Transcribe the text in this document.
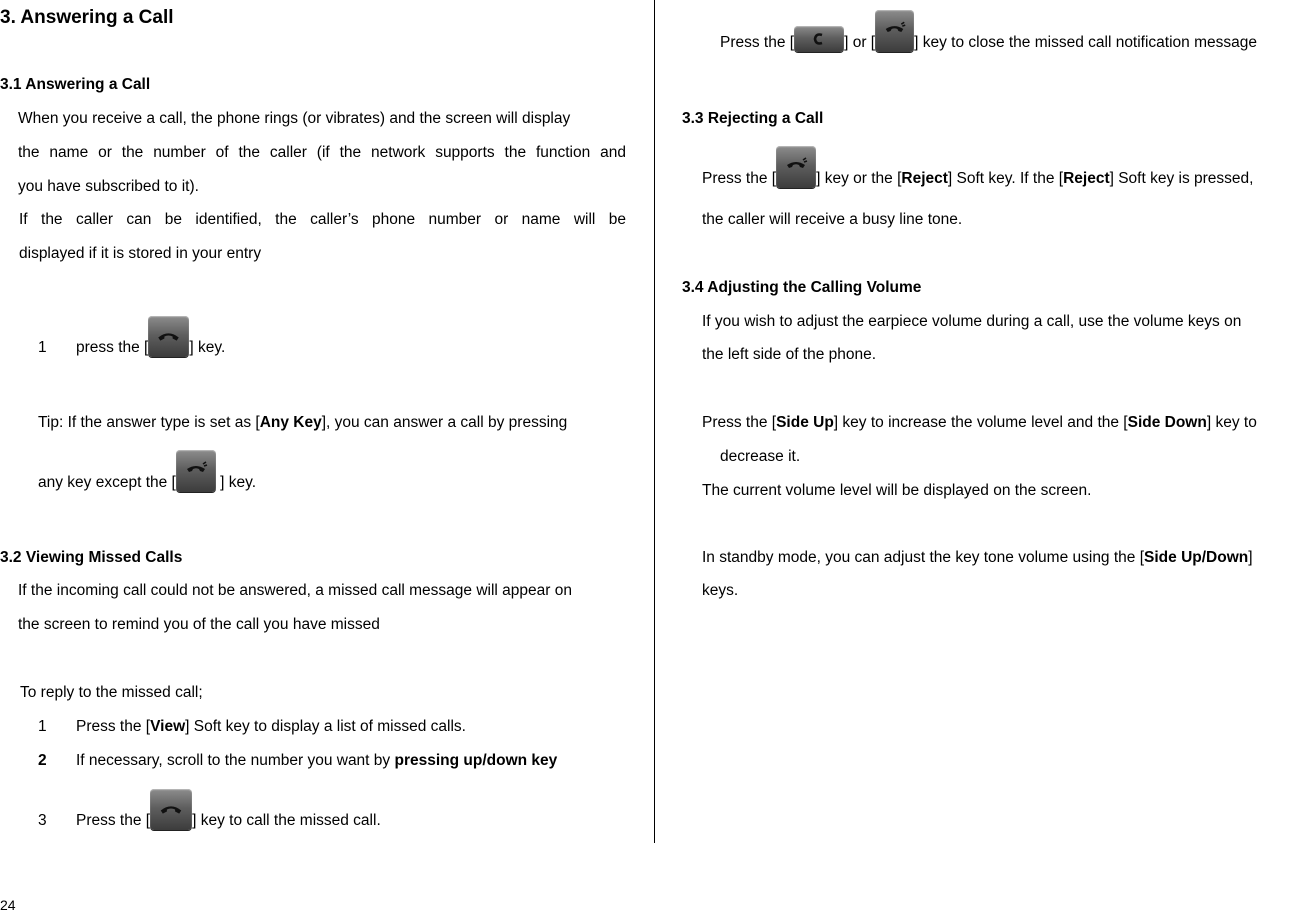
3. Answering a Call
3.1 Answering a Call
When you receive a call, the phone rings (or vibrates) and the screen will display
the name or the number of the caller (if the network supports the function and
you have subscribed to it).
If the caller can be identified, the caller’s phone number or name will be
displayed if it is stored in your entry
1 press the [	] key.
Tip: If the answer type is set as [Any Key], you can answer a call by pressing
any key except the [	] key.
3.2 Viewing Missed Calls
If the incoming call could not be answered, a missed call message will appear on
the screen to remind you of the call you have missed
To reply to the missed call;
1 Press the [View] Soft key to display a list of missed calls.
2 If necessary, scroll to the number you want by pressing up/down key
3 Press the [	] key to call the missed call.
24
Press the [	] or [	] key to close the missed call notification message
3.3 Rejecting a Call
Press the [	] key or the [Reject] Soft key. If the [Reject] Soft key is pressed,
the caller will receive a busy line tone.
3.4 Adjusting the Calling Volume
If you wish to adjust the earpiece volume during a call, use the volume keys on
the left side of the phone.
Press the [Side Up] key to increase the volume level and the [Side Down] key to
decrease it.
The current volume level will be displayed on the screen.
In standby mode, you can adjust the key tone volume using the [Side Up/Down]
keys.
